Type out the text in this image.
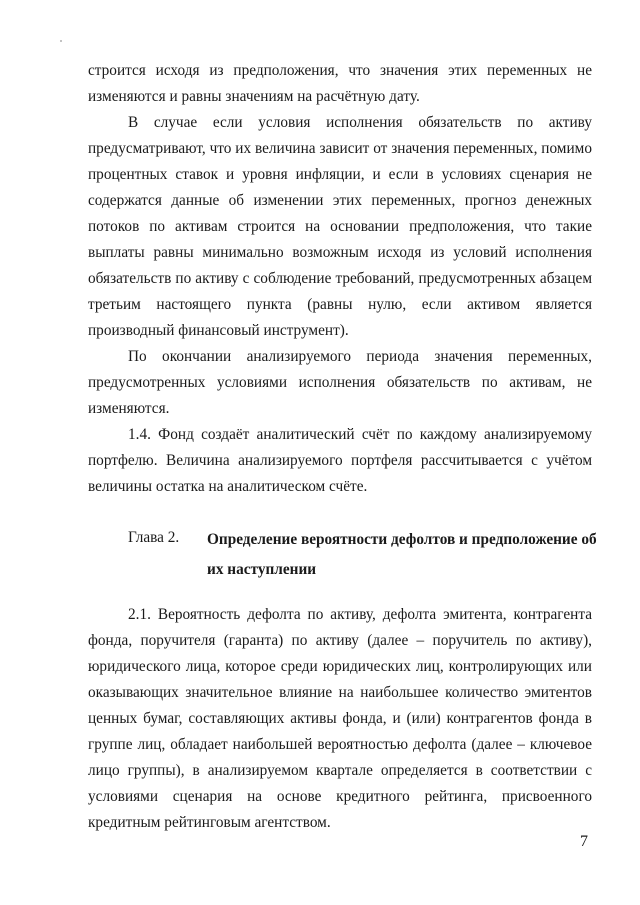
строится исходя из предположения, что значения этих переменных не изменяются и равны значениям на расчётную дату.

В случае если условия исполнения обязательств по активу предусматривают, что их величина зависит от значения переменных, помимо процентных ставок и уровня инфляции, и если в условиях сценария не содержатся данные об изменении этих переменных, прогноз денежных потоков по активам строится на основании предположения, что такие выплаты равны минимально возможным исходя из условий исполнения обязательств по активу с соблюдение требований, предусмотренных абзацем третьим настоящего пункта (равны нулю, если активом является производный финансовый инструмент).

По окончании анализируемого периода значения переменных, предусмотренных условиями исполнения обязательств по активам, не изменяются.

1.4. Фонд создаёт аналитический счёт по каждому анализируемому портфелю. Величина анализируемого портфеля рассчитывается с учётом величины остатка на аналитическом счёте.

Глава 2. Определение вероятности дефолтов и предположение об их наступлении

2.1. Вероятность дефолта по активу, дефолта эмитента, контрагента фонда, поручителя (гаранта) по активу (далее – поручитель по активу), юридического лица, которое среди юридических лиц, контролирующих или оказывающих значительное влияние на наибольшее количество эмитентов ценных бумаг, составляющих активы фонда, и (или) контрагентов фонда в группе лиц, обладает наибольшей вероятностью дефолта (далее – ключевое лицо группы), в анализируемом квартале определяется в соответствии с условиями сценария на основе кредитного рейтинга, присвоенного кредитным рейтинговым агентством.

7
